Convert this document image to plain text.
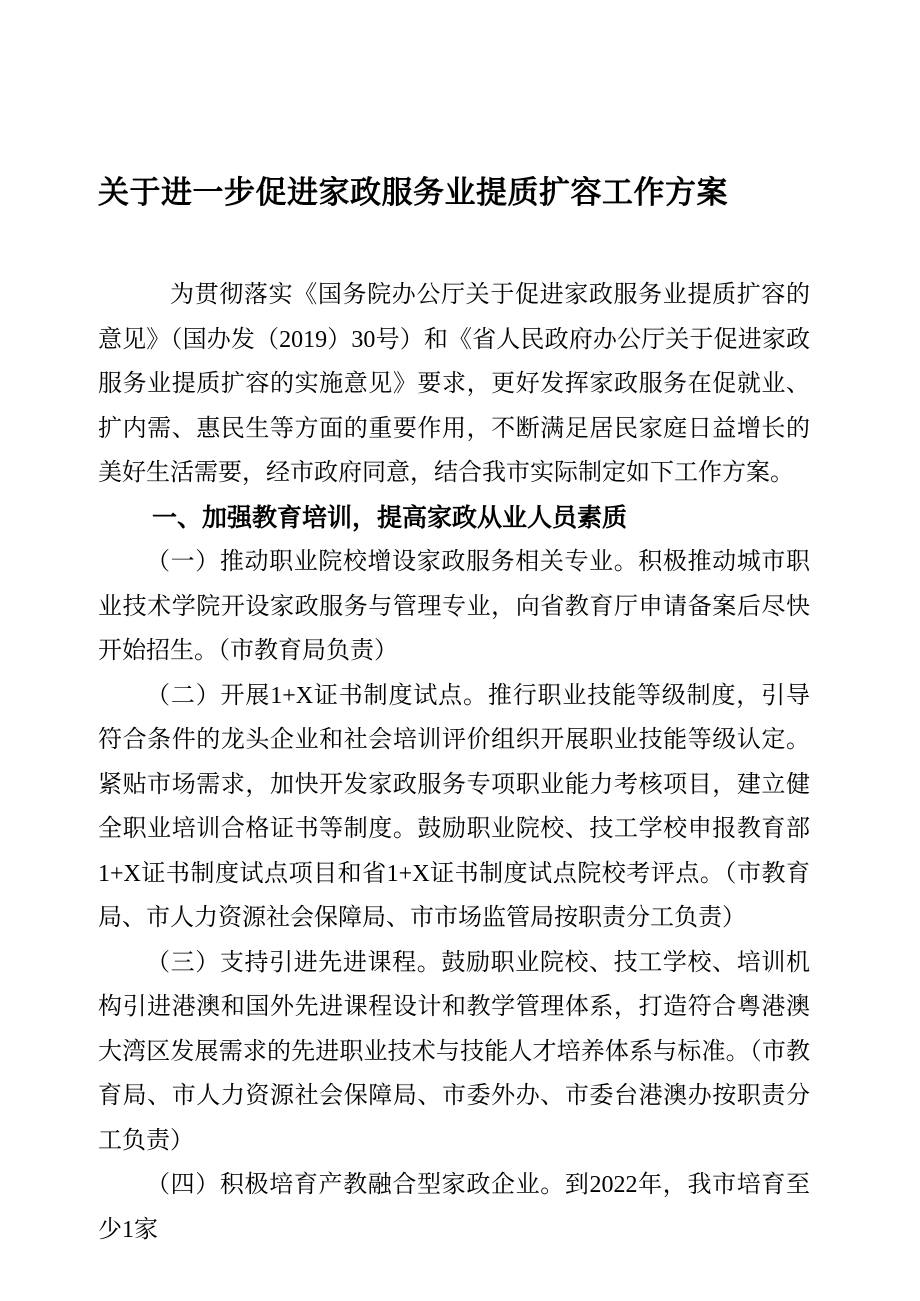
关于进一步促进家政服务业提质扩容工作方案

为贯彻落实《国务院办公厅关于促进家政服务业提质扩容的意见》（国办发（2019）30号）和《省人民政府办公厅关于促进家政服务业提质扩容的实施意见》要求，更好发挥家政服务在促就业、扩内需、惠民生等方面的重要作用，不断满足居民家庭日益增长的美好生活需要，经市政府同意，结合我市实际制定如下工作方案。

一、加强教育培训，提高家政从业人员素质

（一）推动职业院校增设家政服务相关专业。积极推动城市职业技术学院开设家政服务与管理专业，向省教育厅申请备案后尽快开始招生。（市教育局负责）

（二）开展1+X证书制度试点。推行职业技能等级制度，引导符合条件的龙头企业和社会培训评价组织开展职业技能等级认定。紧贴市场需求，加快开发家政服务专项职业能力考核项目，建立健全职业培训合格证书等制度。鼓励职业院校、技工学校申报教育部1+X证书制度试点项目和省1+X证书制度试点院校考评点。（市教育局、市人力资源社会保障局、市市场监管局按职责分工负责）

（三）支持引进先进课程。鼓励职业院校、技工学校、培训机构引进港澳和国外先进课程设计和教学管理体系，打造符合粤港澳大湾区发展需求的先进职业技术与技能人才培养体系与标准。（市教育局、市人力资源社会保障局、市委外办、市委台港澳办按职责分工负责）

（四）积极培育产教融合型家政企业。到2022年，我市培育至少1家
